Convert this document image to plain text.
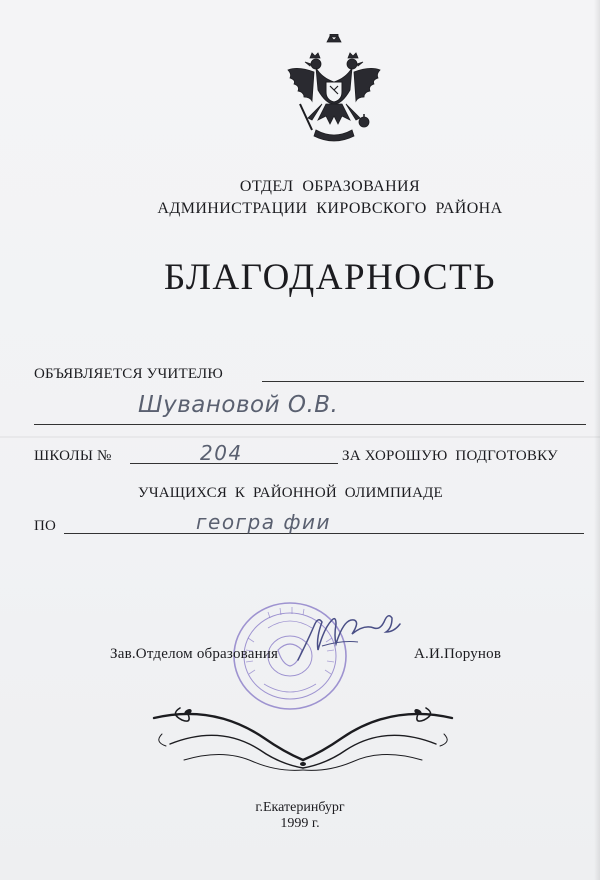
ОТДЕЛ  ОБРАЗОВАНИЯ
АДМИНИСТРАЦИИ  КИРОВСКОГО  РАЙОНА
БЛАГОДАРНОСТЬ
ОБЪЯВЛЯЕТСЯ УЧИТЕЛЮ
Шувановой О.В.
ШКОЛЫ №	204	ЗА ХОРОШУЮ  ПОДГОТОВКУ
УЧАЩИХСЯ  К  РАЙОННОЙ  ОЛИМПИАДЕ
ПО	геогра фии
Зав.Отделом образования	А.И.Порунов
г.Екатеринбург
1999 г.
